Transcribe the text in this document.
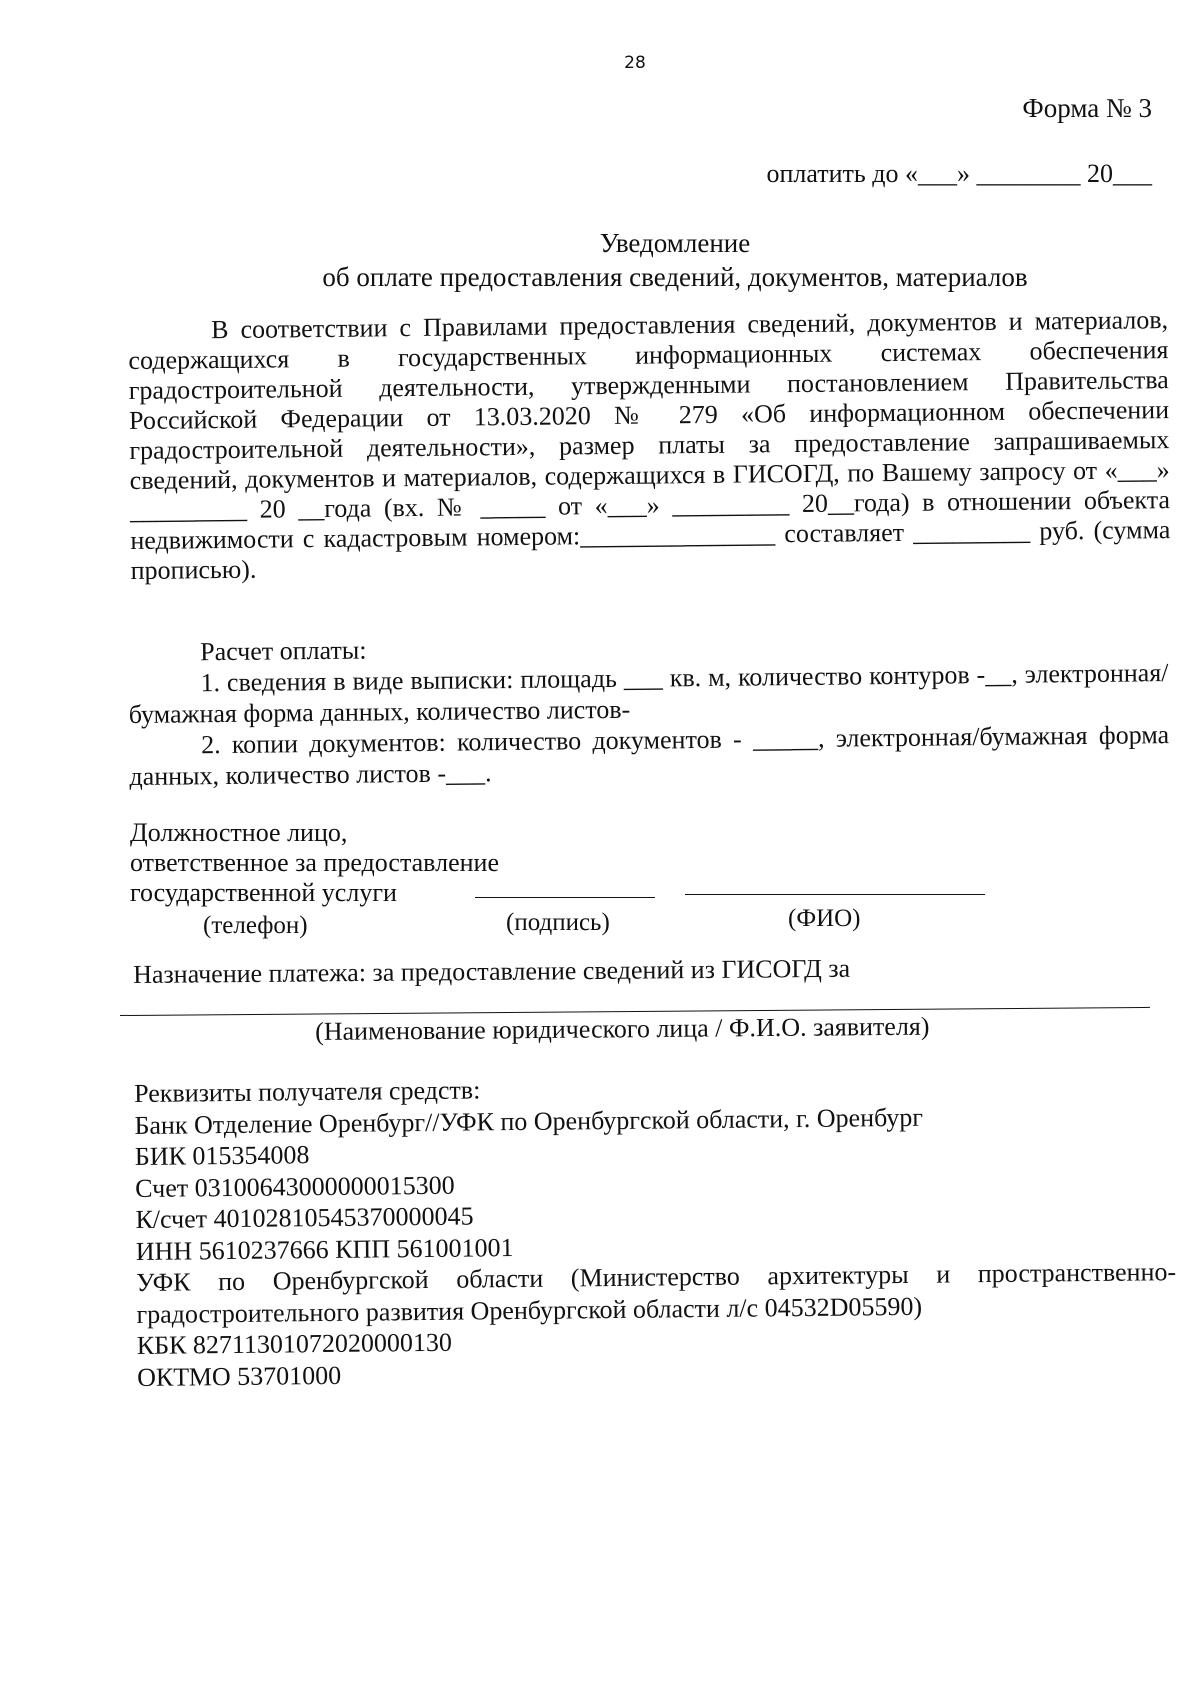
28
Форма № 3
оплатить до «___» ________ 20___
Уведомление
об оплате предоставления сведений, документов, материалов

В соответствии с Правилами предоставления сведений, документов и материалов, содержащихся в государственных информационных системах обеспечения градостроительной деятельности, утвержденными постановлением Правительства Российской Федерации от 13.03.2020 № 279 «Об информационном обеспечении градостроительной деятельности», размер платы за предоставление запрашиваемых сведений, документов и материалов, содержащихся в ГИСОГД, по Вашему запросу от «___» _________ 20 __года (вх. № _____ от «___» _________ 20__года) в отношении объекта недвижимости с кадастровым номером:_______________ составляет _________ руб. (сумма прописью).

Расчет оплаты:

1. сведения в виде выписки: площадь ___ кв. м, количество контуров -__, электронная/бумажная форма данных, количество листов-

2. копии документов: количество документов - _____, электронная/бумажная форма данных, количество листов -___.

Должностное лицо,
ответственное за предоставление
государственной услуги
(телефон)	(подпись)	(ФИО)
Назначение платежа: за предоставление сведений из ГИСОГД за
(Наименование юридического лица / Ф.И.О. заявителя)
Реквизиты получателя средств:
Банк Отделение Оренбург//УФК по Оренбургской области, г. Оренбург
БИК 015354008
Счет 03100643000000015300
К/счет 40102810545370000045
ИНН 5610237666 КПП 561001001
УФК по Оренбургской области (Министерство архитектуры и пространственно-градостроительного развития Оренбургской области л/с 04532D05590)
КБК 82711301072020000130
ОКТМО 53701000
